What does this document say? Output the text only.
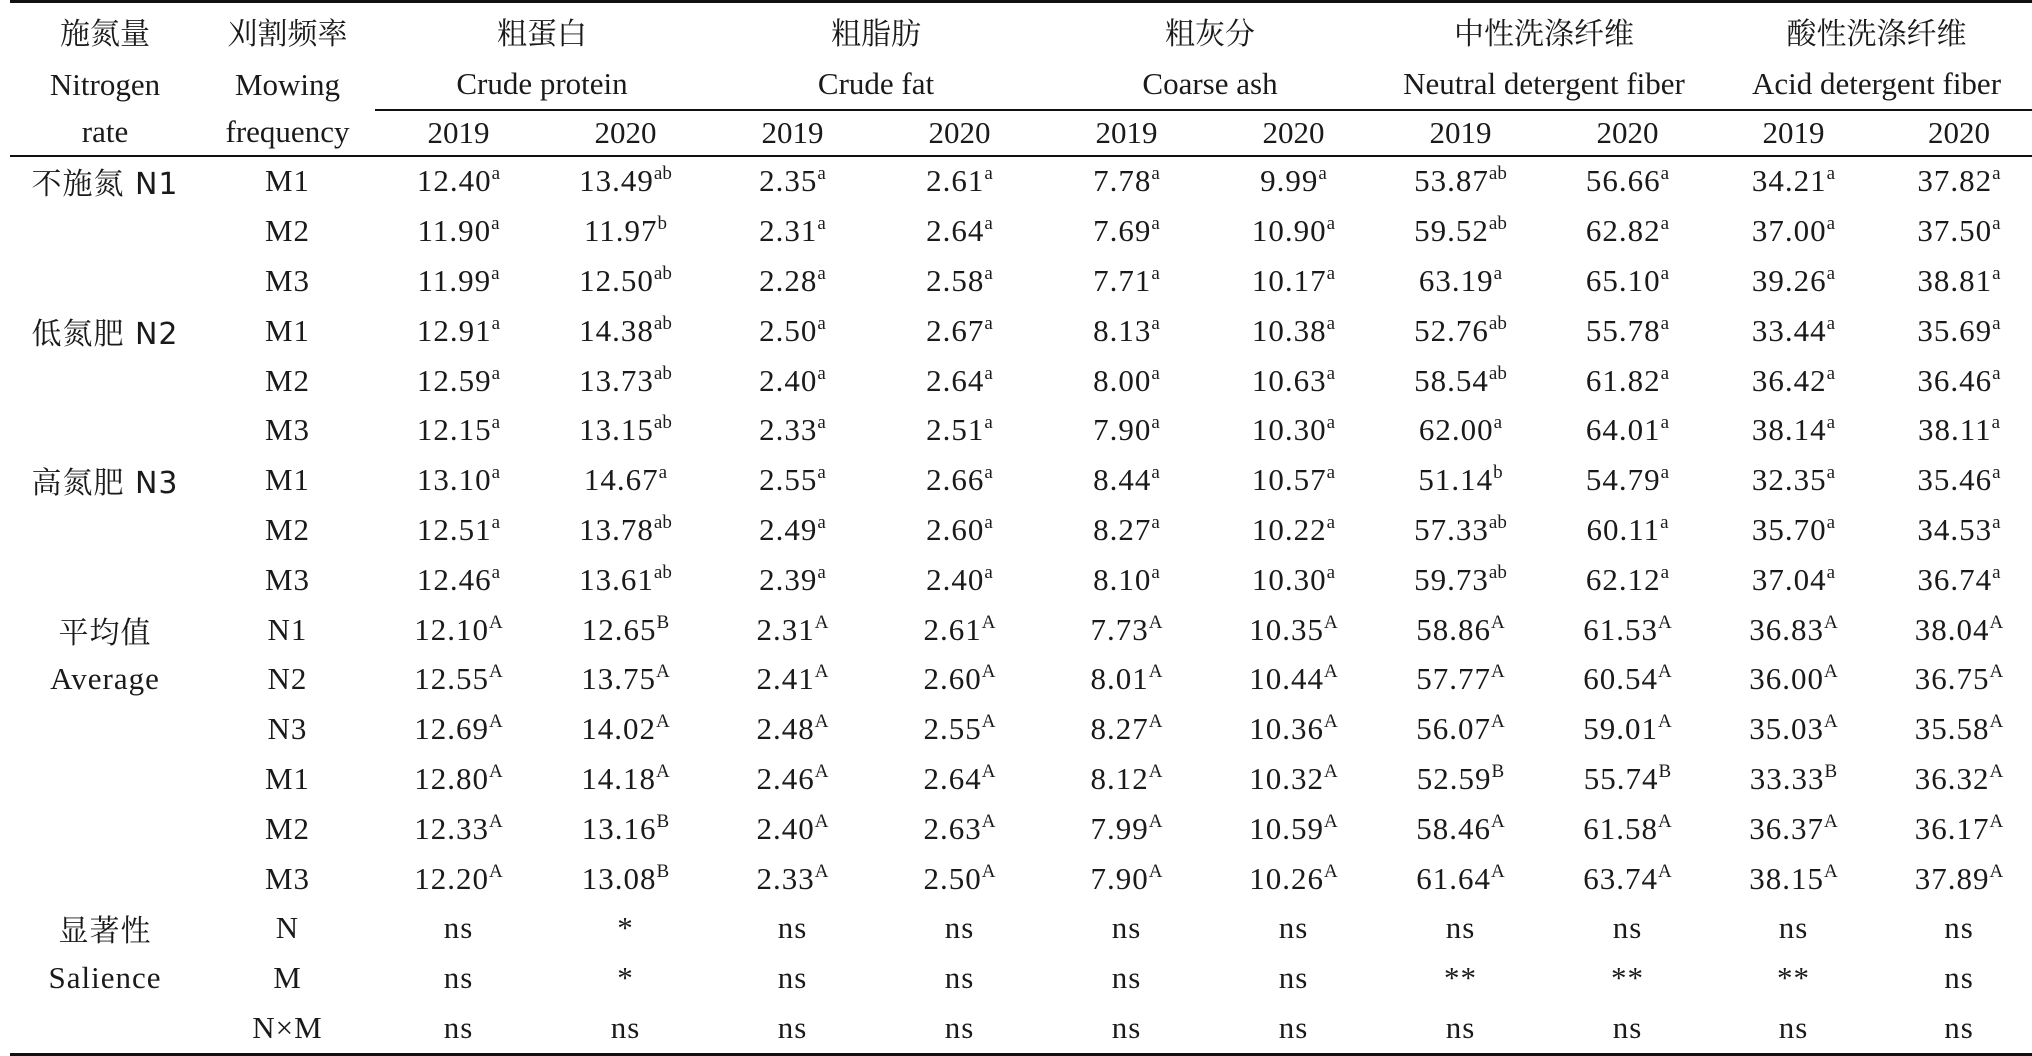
施氮量	刈割频率	粗蛋白		粗脂肪		粗灰分		中性洗涤纤维		酸性洗涤纤维	
Nitrogen	Mowing	Crude protein		Crude fat		Coarse ash		Neutral detergent fiber		Acid detergent fiber	
rate	frequency	2019	2020	2019	2020	2019	2020	2019	2020	2019	2020
不施氮 N1	M1	12.40$^a$	13.49$^{ab}$	2.35$^a$	2.61$^a$	7.78$^a$	9.99$^a$	53.87$^{ab}$	56.66$^a$	34.21$^a$	37.82$^a$
	M2	11.90$^a$	11.97$^b$	2.31$^a$	2.64$^a$	7.69$^a$	10.90$^a$	59.52$^{ab}$	62.82$^a$	37.00$^a$	37.50$^a$
	M3	11.99$^a$	12.50$^{ab}$	2.28$^a$	2.58$^a$	7.71$^a$	10.17$^a$	63.19$^a$	65.10$^a$	39.26$^a$	38.81$^a$
低氮肥 N2	M1	12.91$^a$	14.38$^{ab}$	2.50$^a$	2.67$^a$	8.13$^a$	10.38$^a$	52.76$^{ab}$	55.78$^a$	33.44$^a$	35.69$^a$
	M2	12.59$^a$	13.73$^{ab}$	2.40$^a$	2.64$^a$	8.00$^a$	10.63$^a$	58.54$^{ab}$	61.82$^a$	36.42$^a$	36.46$^a$
	M3	12.15$^a$	13.15$^{ab}$	2.33$^a$	2.51$^a$	7.90$^a$	10.30$^a$	62.00$^a$	64.01$^a$	38.14$^a$	38.11$^a$
高氮肥 N3	M1	13.10$^a$	14.67$^a$	2.55$^a$	2.66$^a$	8.44$^a$	10.57$^a$	51.14$^b$	54.79$^a$	32.35$^a$	35.46$^a$
	M2	12.51$^a$	13.78$^{ab}$	2.49$^a$	2.60$^a$	8.27$^a$	10.22$^a$	57.33$^{ab}$	60.11$^a$	35.70$^a$	34.53$^a$
	M3	12.46$^a$	13.61$^{ab}$	2.39$^a$	2.40$^a$	8.10$^a$	10.30$^a$	59.73$^{ab}$	62.12$^a$	37.04$^a$	36.74$^a$
平均值	N1	$12.10^A$	$12.65^B$	$2.31^A$	$2.61^A$	$7.73^A$	$10.35^A$	$58.86^A$	$61.53^A$	$36.83^A$	$38.04^A$
Average	N2	$12.55^A$	$13.75^A$	$2.41^A$	$2.60^A$	$8.01^A$	$10.44^A$	$57.77^A$	$60.54^A$	$36.00^A$	$36.75^A$
	N3	$12.69^A$	$14.02^A$	$2.48^A$	$2.55^A$	$8.27^A$	$10.36^A$	$56.07^A$	$59.01^A$	$35.03^A$	$35.58^A$
	M1	$12.80^A$	$14.18^A$	$2.46^A$	$2.64^A$	$8.12^A$	$10.32^A$	$52.59^B$	$55.74^B$	$33.33^B$	$36.32^A$
	M2	$12.33^A$	$13.16^B$	$2.40^A$	$2.63^A$	$7.99^A$	$10.59^A$	$58.46^A$	$61.58^A$	$36.37^A$	$36.17^A$
	M3	$12.20^A$	$13.08^B$	$2.33^A$	$2.50^A$	$7.90^A$	$10.26^A$	$61.64^A$	$63.74^A$	$38.15^A$	$37.89^A$
显著性	N	ns	*	ns	ns	ns	ns	ns	ns	ns	ns
Salience	M	ns	*	ns	ns	ns	ns	**	**	**	ns
	N×M	ns	ns	ns	ns	ns	ns	ns	ns	ns	ns
